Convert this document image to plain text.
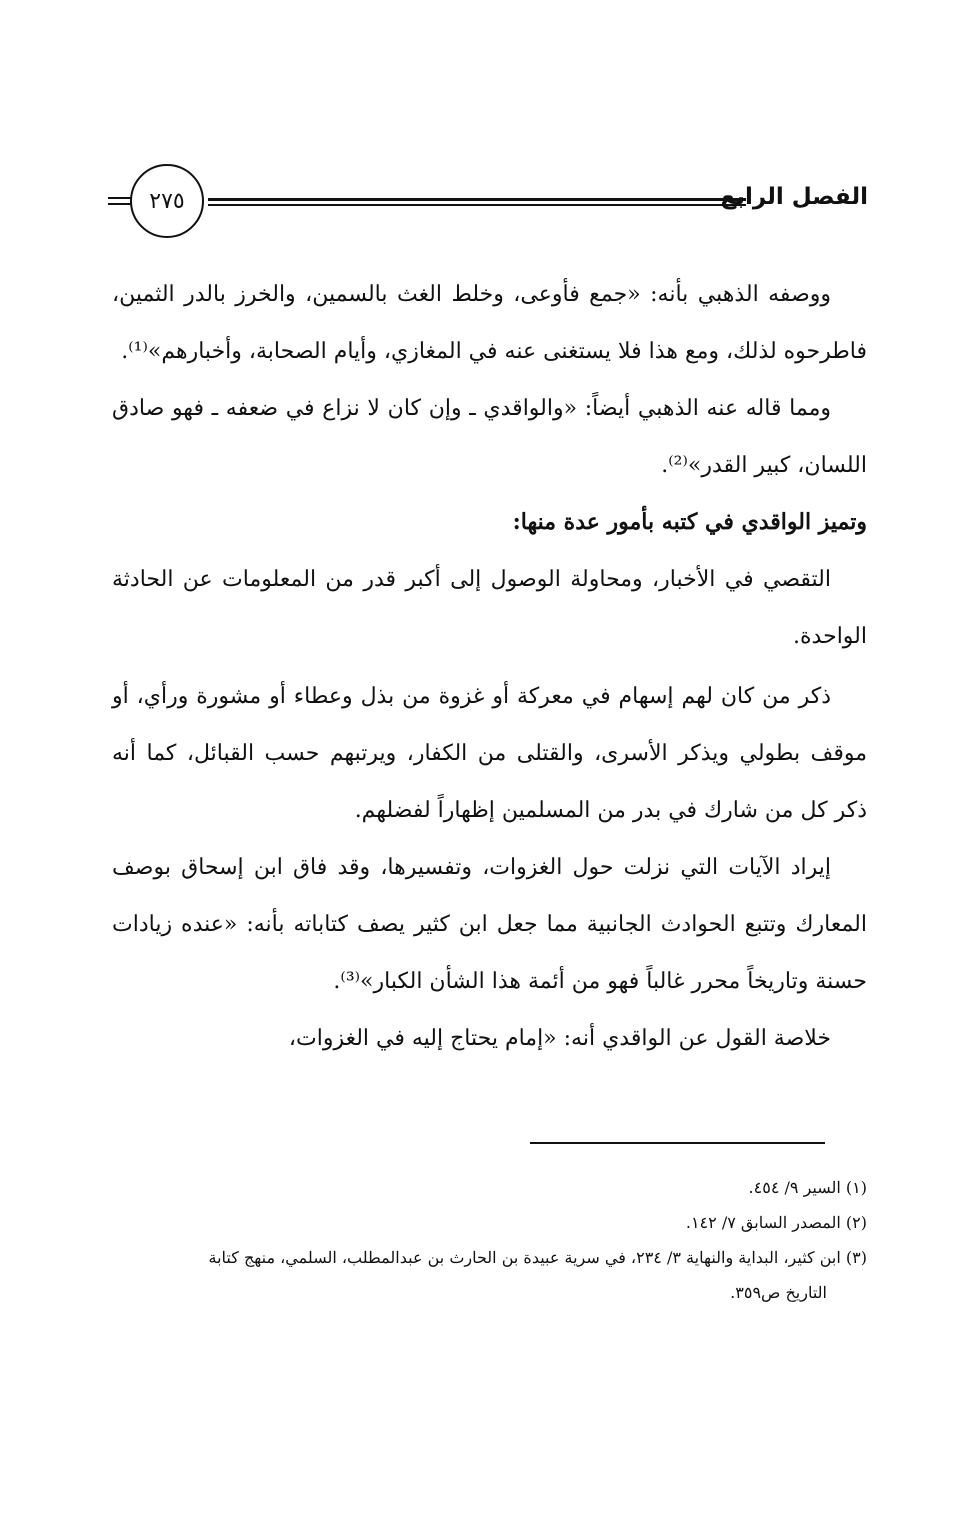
٢٧٥	الفصل الرابع

ووصفه الذهبي بأنه: «جمع فأوعى، وخلط الغث بالسمين، والخرز بالدر الثمين، فاطرحوه لذلك، ومع هذا فلا يستغنى عنه في المغازي، وأيام الصحابة، وأخبارهم»⁽¹⁾.

ومما قاله عنه الذهبي أيضاً: «والواقدي ـ وإن كان لا نزاع في ضعفه ـ فهو صادق اللسان، كبير القدر»⁽²⁾.

وتميز الواقدي في كتبه بأمور عدة منها:

التقصي في الأخبار، ومحاولة الوصول إلى أكبر قدر من المعلومات عن الحادثة الواحدة.

ذكر من كان لهم إسهام في معركة أو غزوة من بذل وعطاء أو مشورة ورأي، أو موقف بطولي ويذكر الأسرى، والقتلى من الكفار، ويرتبهم حسب القبائل، كما أنه ذكر كل من شارك في بدر من المسلمين إظهاراً لفضلهم.

إيراد الآيات التي نزلت حول الغزوات، وتفسيرها، وقد فاق ابن إسحاق بوصف المعارك وتتبع الحوادث الجانبية مما جعل ابن كثير يصف كتاباته بأنه: «عنده زيادات حسنة وتاريخاً محرر غالباً فهو من أئمة هذا الشأن الكبار»⁽³⁾.

خلاصة القول عن الواقدي أنه: «إمام يحتاج إليه في الغزوات،

(١) السير ٩/ ٤٥٤.

(٢) المصدر السابق ٧/ ١٤٢.

(٣) ابن كثير، البداية والنهاية ٣/ ٢٣٤، في سرية عبيدة بن الحارث بن عبدالمطلب، السلمي، منهج كتابة
التاريخ ص٣٥٩.
